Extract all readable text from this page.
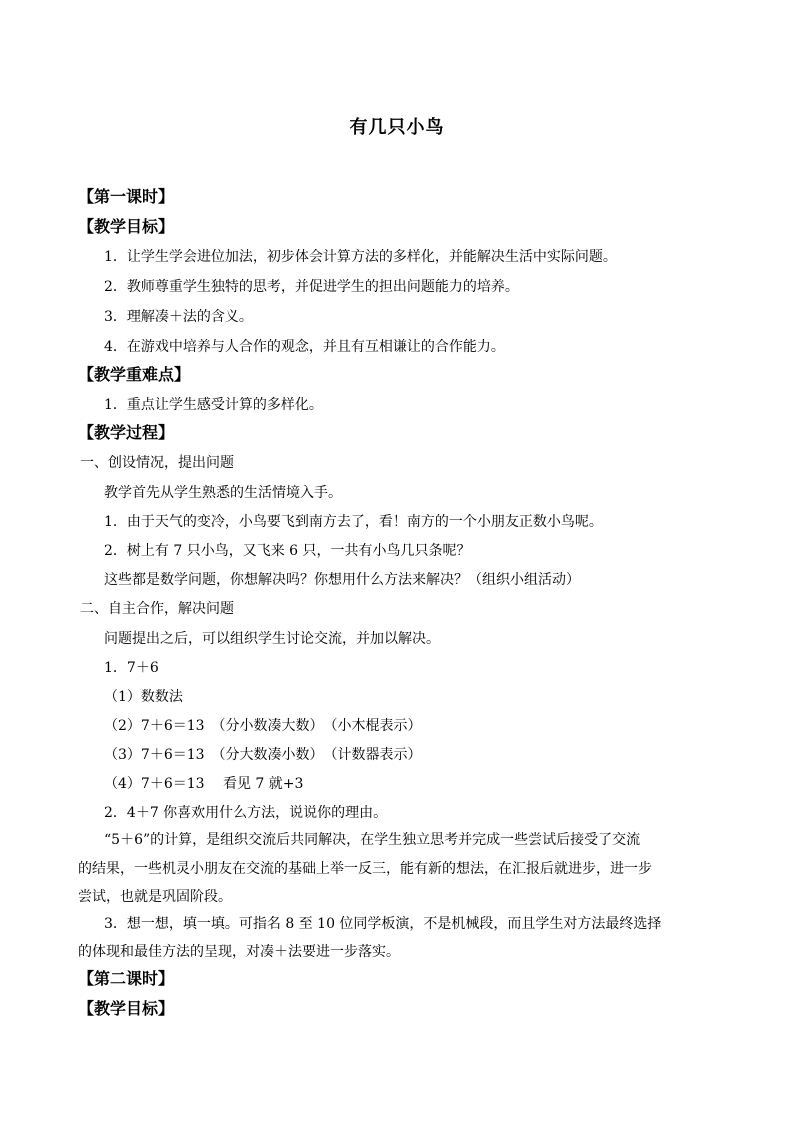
有几只小鸟
【第一课时】
【教学目标】
1．让学生学会进位加法，初步体会计算方法的多样化，并能解决生活中实际问题。
2．教师尊重学生独特的思考，并促进学生的担出问题能力的培养。
3．理解凑＋法的含义。
4．在游戏中培养与人合作的观念，并且有互相谦让的合作能力。
【教学重难点】
1．重点让学生感受计算的多样化。
【教学过程】
一、创设情况，提出问题
教学首先从学生熟悉的生活情境入手。
1．由于天气的变冷，小鸟要飞到南方去了，看！南方的一个小朋友正数小鸟呢。
2．树上有 7 只小鸟，又飞来 6 只，一共有小鸟几只条呢？
这些都是数学问题，你想解决吗？你想用什么方法来解决？（组织小组活动）
二、自主合作，解决问题
问题提出之后，可以组织学生讨论交流，并加以解决。
1．7＋6
（1）数数法
（2）7＋6＝13　（分小数凑大数）　（小木棍表示）
（3）7＋6＝13　（分大数凑小数）　（计数器表示）
（4）7＋6＝13　 看见 7 就+3
2．4＋7 你喜欢用什么方法，说说你的理由。
“5＋6”的计算，是组织交流后共同解决，在学生独立思考并完成一些尝试后接受了交流
的结果，一些机灵小朋友在交流的基础上举一反三，能有新的想法，在汇报后就进步，进一步
尝试，也就是巩固阶段。
3．想一想，填一填。可指名 8 至 10 位同学板演，不是机械段，而且学生对方法最终选择
的体现和最佳方法的呈现，对凑＋法要进一步落实。
【第二课时】
【教学目标】
